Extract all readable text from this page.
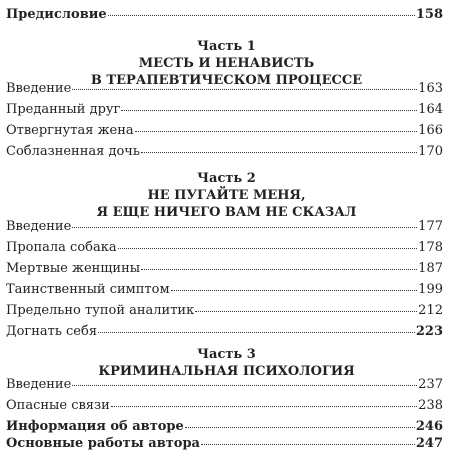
Предисловие	158
Часть 1
МЕСТЬ И НЕНАВИСТЬ
В ТЕРАПЕВТИЧЕСКОМ ПРОЦЕССЕ
Введение	163
Преданный друг	164
Отвергнутая жена	166
Соблазненная дочь	170
Часть 2
НЕ ПУГАЙТЕ МЕНЯ,
Я ЕЩЕ НИЧЕГО ВАМ НЕ СКАЗАЛ
Введение	177
Пропала собака	178
Мертвые женщины	187
Таинственный симптом	199
Предельно тупой аналитик	212
Догнать себя	223
Часть 3
КРИМИНАЛЬНАЯ ПСИХОЛОГИЯ
Введение	237
Опасные связи	238
Информация об авторе	246
Основные работы автора	247
